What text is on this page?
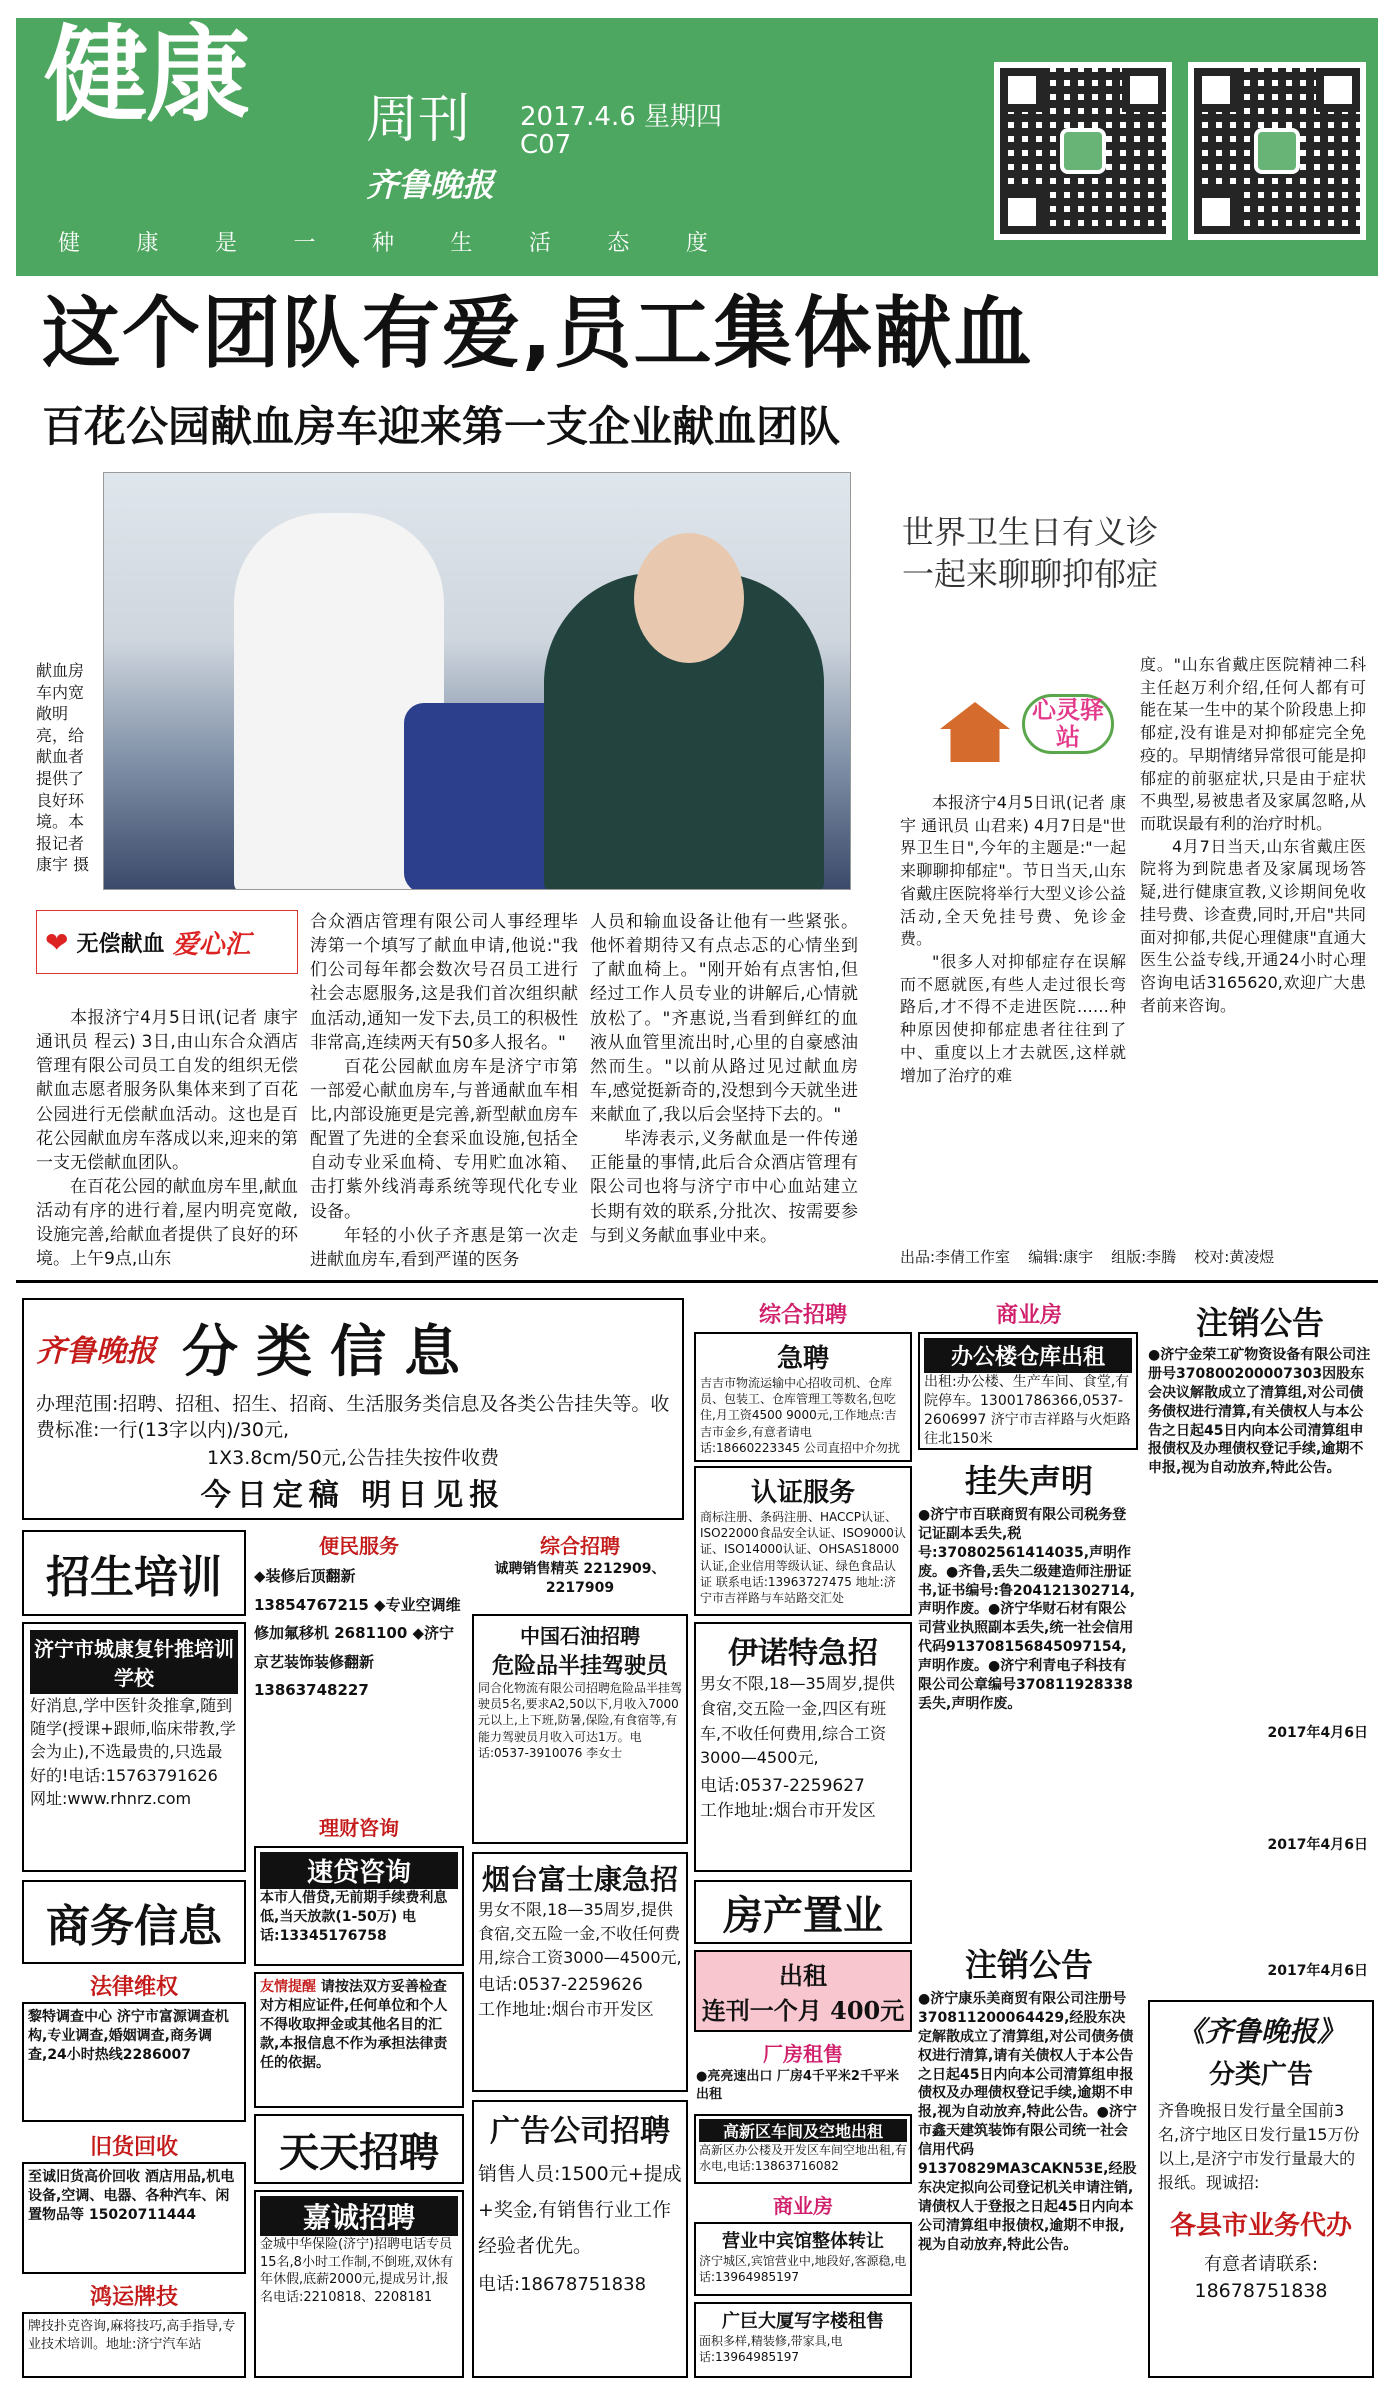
健康 周刊
齐鲁晚报
2017.4.6 星期四
C07
健	康	是	一	种	生	活	态	度
这个团队有爱,员工集体献血
百花公园献血房车迎来第一支企业献血团队
献血房车内宽敞明亮，给献血者提供了良好环境。本报记者 康宇 摄
❤ 无偿献血 爱心汇

本报济宁4月5日讯(记者 康宇 通讯员 程云) 3日,由山东合众酒店管理有限公司员工自发的组织无偿献血志愿者服务队集体来到了百花公园进行无偿献血活动。这也是百花公园献血房车落成以来,迎来的第一支无偿献血团队。

在百花公园的献血房车里,献血活动有序的进行着,屋内明亮宽敞,设施完善,给献血者提供了良好的环境。上午9点,山东

合众酒店管理有限公司人事经理毕涛第一个填写了献血申请,他说:"我们公司每年都会数次号召员工进行社会志愿服务,这是我们首次组织献血活动,通知一发下去,员工的积极性非常高,连续两天有50多人报名。"

百花公园献血房车是济宁市第一部爱心献血房车,与普通献血车相比,内部设施更是完善,新型献血房车配置了先进的全套采血设施,包括全自动专业采血椅、专用贮血冰箱、击打紫外线消毒系统等现代化专业设备。

年轻的小伙子齐惠是第一次走进献血房车,看到严谨的医务

人员和输血设备让他有一些紧张。他怀着期待又有点忐忑的心情坐到了献血椅上。"刚开始有点害怕,但经过工作人员专业的讲解后,心情就放松了。"齐惠说,当看到鲜红的血液从血管里流出时,心里的自豪感油然而生。"以前从路过见过献血房车,感觉挺新奇的,没想到今天就坐进来献血了,我以后会坚持下去的。"

毕涛表示,义务献血是一件传递正能量的事情,此后合众酒店管理有限公司也将与济宁市中心血站建立长期有效的联系,分批次、按需要参与到义务献血事业中来。

世界卫生日有义诊
一起来聊聊抑郁症
心灵驿站

本报济宁4月5日讯(记者 康宇 通讯员 山君来) 4月7日是"世界卫生日",今年的主题是:"一起来聊聊抑郁症"。节日当天,山东省戴庄医院将举行大型义诊公益活动,全天免挂号费、免诊金费。

"很多人对抑郁症存在误解而不愿就医,有些人走过很长弯路后,才不得不走进医院……种种原因使抑郁症患者往往到了中、重度以上才去就医,这样就增加了治疗的难

度。"山东省戴庄医院精神二科主任赵万利介绍,任何人都有可能在某一生中的某个阶段患上抑郁症,没有谁是对抑郁症完全免疫的。早期情绪异常很可能是抑郁症的前驱症状,只是由于症状不典型,易被患者及家属忽略,从而耽误最有利的治疗时机。

4月7日当天,山东省戴庄医院将为到院患者及家属现场答疑,进行健康宣教,义诊期间免收挂号费、诊查费,同时,开启"共同面对抑郁,共促心理健康"直通大医生公益专线,开通24小时心理咨询电话3165620,欢迎广大患者前来咨询。

出品:李倩工作室 编辑:康宇 组版:李腾 校对:黄凌煜
齐鲁晚报 分类信息
办理范围:招聘、招租、招生、招商、生活服务类信息及各类公告挂失等。收费标准:一行(13字以内)/30元,
1X3.8cm/50元,公告挂失按件收费
今日定稿 明日见报
综合招聘
急聘
吉吉市物流运输中心招收司机、仓库员、包装工、仓库管理工等数名,包吃住,月工资4500 9000元,工作地点:吉吉市金乡,有意者请电话:18660223345 公司直招中介勿扰
认证服务
商标注册、条码注册、HACCP认证、ISO22000食品安全认证、ISO9000认证、ISO14000认证、OHSAS18000认证,企业信用等级认证、绿色食品认证 联系电话:13963727475 地址:济宁市吉祥路与车站路交汇处
商业房
办公楼仓库出租
出租:办公楼、生产车间、食堂,有院停车。13001786366,0537-2606997 济宁市吉祥路与火炬路往北150米
挂失声明
●济宁市百联商贸有限公司税务登记证副本丢失,税号:370802561414035,声明作废。●齐鲁,丢失二级建造师注册证书,证书编号:鲁204121302714,声明作废。●济宁华财石材有限公司营业执照副本丢失,统一社会信用代码913708156845097154,声明作废。●济宁利青电子科技有限公司公章编号370811928338丢失,声明作废。
注销公告
●济宁金荣工矿物资设备有限公司注册号370800200007303因股东会决议解散成立了清算组,对公司债务债权进行清算,有关债权人与本公告之日起45日内向本公司清算组申报债权及办理债权登记手续,逾期不申报,视为自动放弃,特此公告。
2017年4月6日
2017年4月6日
2017年4月6日
招生培训
济宁市城康复针推培训学校
好消息,学中医针灸推拿,随到随学(授课+跟师,临床带教,学会为止),不选最贵的,只选最好的!电话:15763791626 网址:www.rhnrz.com
商务信息
法律维权
黎特调查中心 济宁市富源调查机构,专业调查,婚姻调查,商务调查,24小时热线2286007
旧货回收
至诚旧货高价回收 酒店用品,机电设备,空调、电器、各种汽车、闲置物品等 15020711444
鸿运牌技
牌技扑克咨询,麻将技巧,高手指导,专业技术培训。地址:济宁汽车站
便民服务
◆装修后顶翻新 13854767215 ◆专业空调维修加氟移机 2681100 ◆济宁京艺装饰装修翻新 13863748227
理财咨询
速贷咨询
本市人借贷,无前期手续费利息低,当天放款(1-50万) 电话:13345176758
友情提醒 请按法双方妥善检查对方相应证件,任何单位和个人不得收取押金或其他名目的汇款,本报信息不作为承担法律责任的依据。
天天招聘
嘉诚招聘
金城中华保险(济宁)招聘电话专员15名,8小时工作制,不倒班,双休有年休假,底薪2000元,提成另计,报名电话:2210818、2208181
综合招聘
诚聘销售精英 2212909、2217909
中国石油招聘
危险品半挂驾驶员
同合化物流有限公司招聘危险品半挂驾驶员5名,要求A2,50以下,月收入7000元以上,上下班,防暑,保险,有食宿等,有能力驾驶员月收入可达1万。电话:0537-3910076 李女士
烟台富士康急招
男女不限,18—35周岁,提供食宿,交五险一金,不收任何费用,综合工资3000—4500元,
电话:0537-2259626
工作地址:烟台市开发区
广告公司招聘
销售人员:1500元+提成+奖金,有销售行业工作经验者优先。
电话:18678751838
伊诺特急招
男女不限,18—35周岁,提供食宿,交五险一金,四区有班车,不收任何费用,综合工资3000—4500元,
电话:0537-2259627
工作地址:烟台市开发区
房产置业
出租
连刊一个月 400元
厂房租售
●亮亮速出口 厂房4千平米2千平米出租
高新区车间及空地出租
高新区办公楼及开发区车间空地出租,有水电,电话:13863716082
商业房
营业中宾馆整体转让
济宁城区,宾馆营业中,地段好,客源稳,电话:13964985197
广巨大厦写字楼租售
面积多样,精装修,带家具,电话:13964985197
注销公告
●济宁康乐美商贸有限公司注册号370811200064429,经股东决定解散成立了清算组,对公司债务债权进行清算,请有关债权人于本公告之日起45日内向本公司清算组申报债权及办理债权登记手续,逾期不申报,视为自动放弃,特此公告。●济宁市鑫天建筑装饰有限公司统一社会信用代码91370829MA3CAKN53E,经股东决定拟向公司登记机关申请注销,请债权人于登报之日起45日内向本公司清算组申报债权,逾期不申报,视为自动放弃,特此公告。
《齐鲁晚报》
分类广告
齐鲁晚报日发行量全国前3名,济宁地区日发行量15万份以上,是济宁市发行量最大的报纸。现诚招:
各县市业务代办
有意者请联系:
18678751838
